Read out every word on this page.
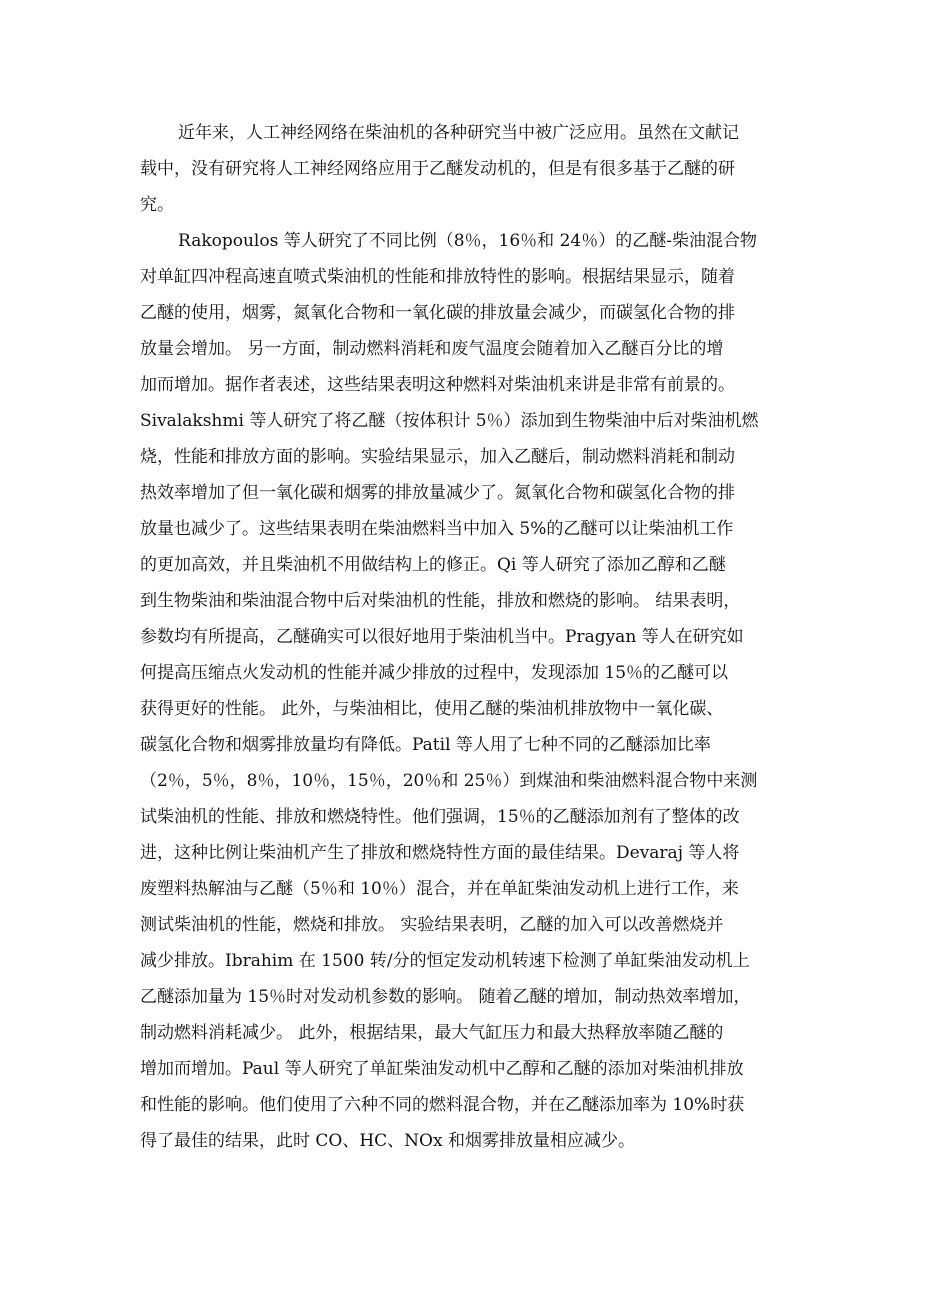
近年来，人工神经网络在柴油机的各种研究当中被广泛应用。虽然在文献记
载中，没有研究将人工神经网络应用于乙醚发动机的，但是有很多基于乙醚的研
究。
Rakopoulos 等人研究了不同比例（8％，16％和 24％）的乙醚-柴油混合物
对单缸四冲程高速直喷式柴油机的性能和排放特性的影响。根据结果显示，随着
乙醚的使用，烟雾，氮氧化合物和一氧化碳的排放量会减少，而碳氢化合物的排
放量会增加。 另一方面，制动燃料消耗和废气温度会随着加入乙醚百分比的增
加而增加。据作者表述，这些结果表明这种燃料对柴油机来讲是非常有前景的。
Sivalakshmi 等人研究了将乙醚（按体积计 5％）添加到生物柴油中后对柴油机燃
烧，性能和排放方面的影响。实验结果显示，加入乙醚后，制动燃料消耗和制动
热效率增加了但一氧化碳和烟雾的排放量减少了。氮氧化合物和碳氢化合物的排
放量也减少了。这些结果表明在柴油燃料当中加入 5%的乙醚可以让柴油机工作
的更加高效，并且柴油机不用做结构上的修正。Qi 等人研究了添加乙醇和乙醚
到生物柴油和柴油混合物中后对柴油机的性能，排放和燃烧的影响。 结果表明，
参数均有所提高，乙醚确实可以很好地用于柴油机当中。Pragyan 等人在研究如
何提高压缩点火发动机的性能并减少排放的过程中，发现添加 15％的乙醚可以
获得更好的性能。 此外，与柴油相比，使用乙醚的柴油机排放物中一氧化碳、
碳氢化合物和烟雾排放量均有降低。Patil 等人用了七种不同的乙醚添加比率
（2％，5％，8％，10％，15％，20％和 25％）到煤油和柴油燃料混合物中来测
试柴油机的性能、排放和燃烧特性。他们强调，15％的乙醚添加剂有了整体的改
进，这种比例让柴油机产生了排放和燃烧特性方面的最佳结果。Devaraj 等人将
废塑料热解油与乙醚（5％和 10％）混合，并在单缸柴油发动机上进行工作，来
测试柴油机的性能，燃烧和排放。 实验结果表明，乙醚的加入可以改善燃烧并
减少排放。Ibrahim 在 1500 转/分的恒定发动机转速下检测了单缸柴油发动机上
乙醚添加量为 15％时对发动机参数的影响。 随着乙醚的增加，制动热效率增加，
制动燃料消耗减少。 此外，根据结果，最大气缸压力和最大热释放率随乙醚的
增加而增加。Paul 等人研究了单缸柴油发动机中乙醇和乙醚的添加对柴油机排放
和性能的影响。他们使用了六种不同的燃料混合物，并在乙醚添加率为 10%时获
得了最佳的结果，此时 CO、HC、NOx 和烟雾排放量相应减少。
